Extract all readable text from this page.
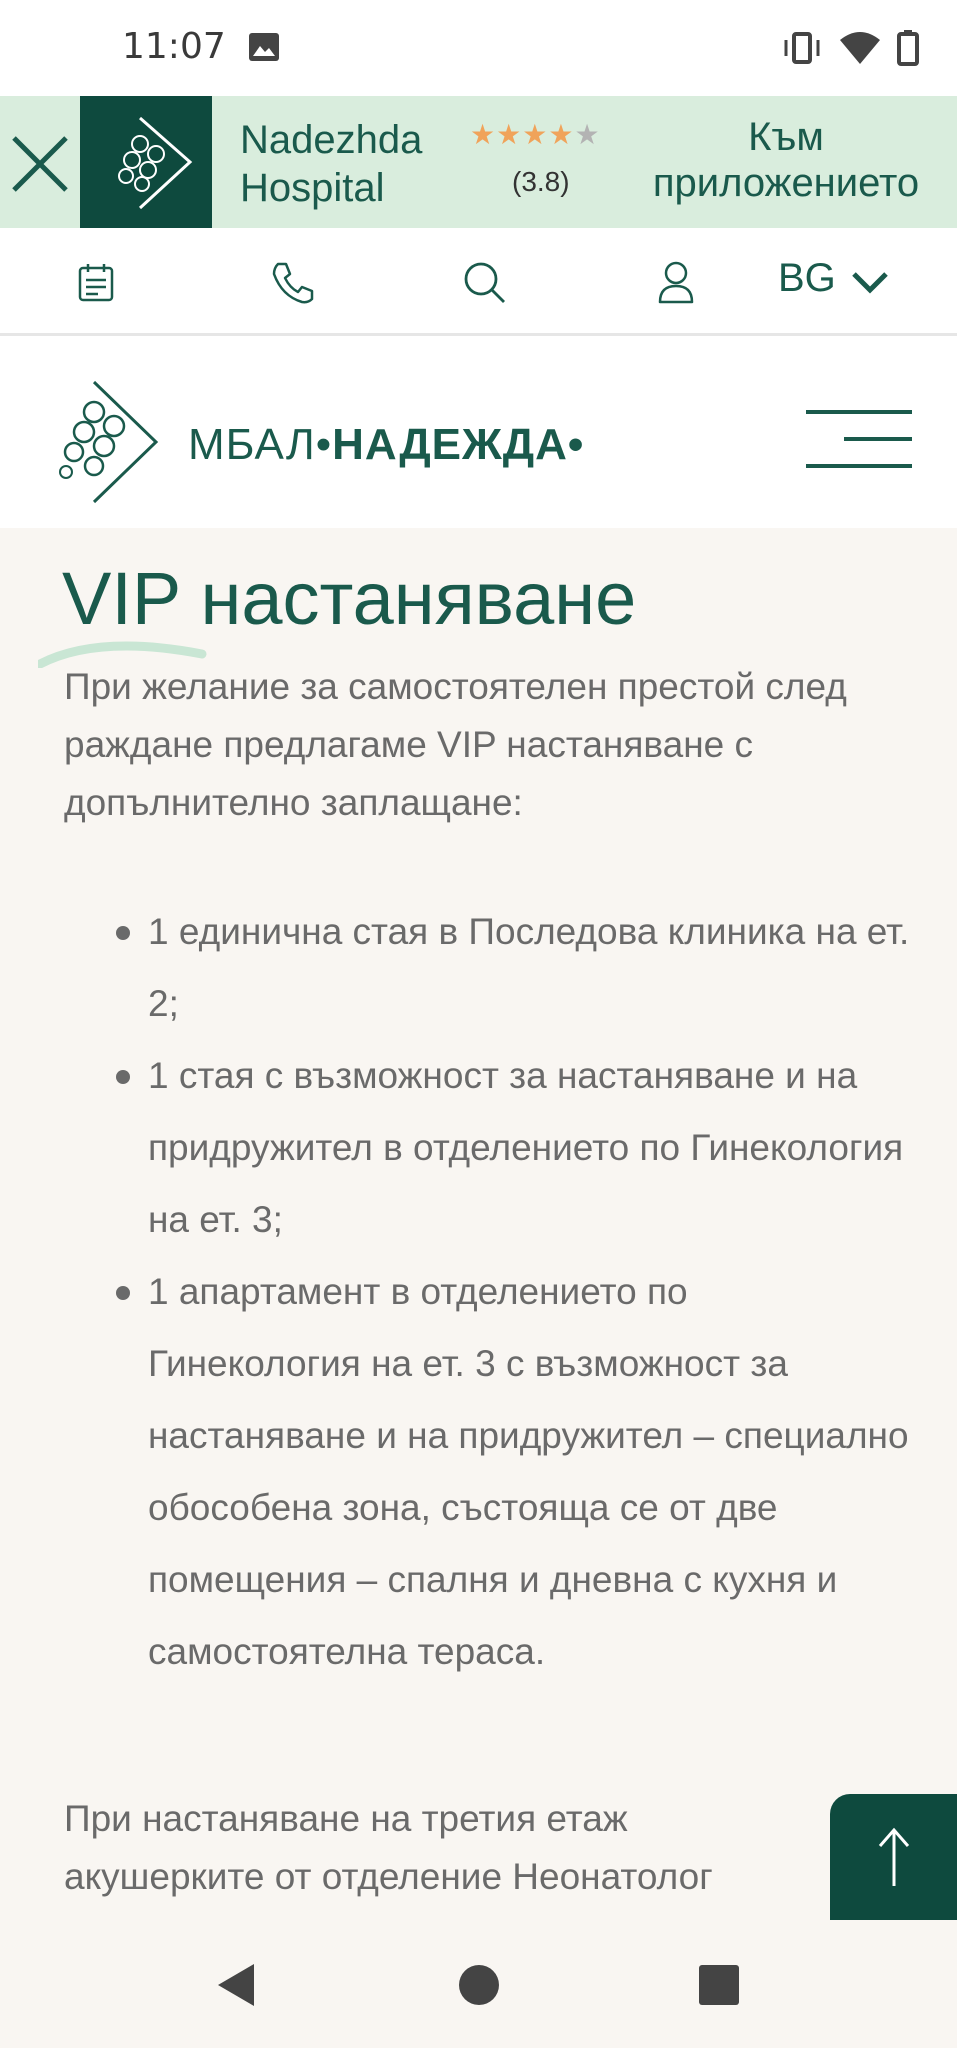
11:07
Nadezhda
Hospital
★★★★★
(3.8)
Към
приложението
BG
МБАЛ•НАДЕЖДА•
VIP настаняване

При желание за самостоятелен престой след раждане предлагаме VIP настаняване с допълнително заплащане:

1 единична стая в Последова клиника на ет. 2;
1 стая с възможност за настаняване и на придружител в отделението по Гинекология на ет. 3;
1 апартамент в отделението по Гинекология на ет. 3 с възможност за настаняване и на придружител – специално обособена зона, състояща се от две помещения – спалня и дневна с кухня и самостоятелна тераса.
При настаняване на третия етаж
акушерките от отделение Неонатолог
